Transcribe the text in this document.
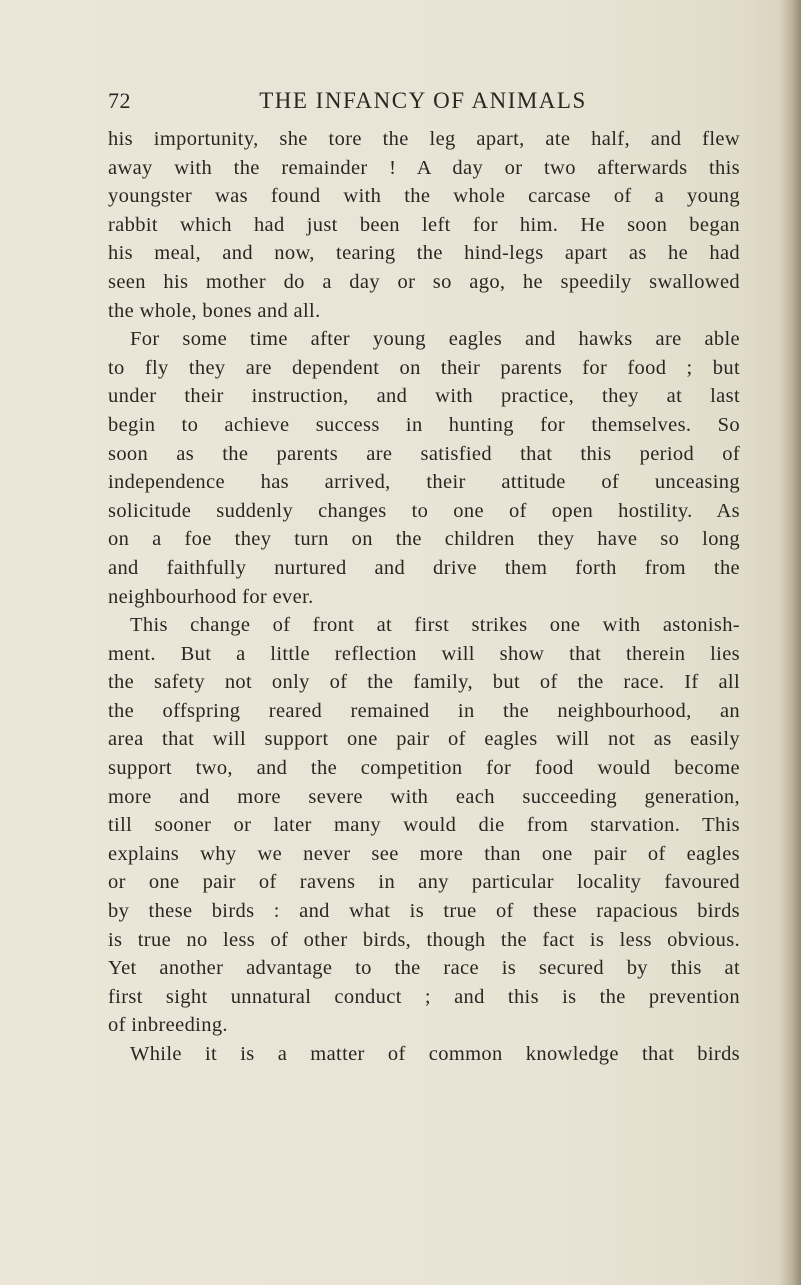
72	THE INFANCY OF ANIMALS
his importunity, she tore the leg apart, ate half, and flew
away with the remainder ! A day or two afterwards this
youngster was found with the whole carcase of a young
rabbit which had just been left for him. He soon began
his meal, and now, tearing the hind-legs apart as he had
seen his mother do a day or so ago, he speedily swallowed
the whole, bones and all.
For some time after young eagles and hawks are able
to fly they are dependent on their parents for food ; but
under their instruction, and with practice, they at last
begin to achieve success in hunting for themselves. So
soon as the parents are satisfied that this period of
independence has arrived, their attitude of unceasing
solicitude suddenly changes to one of open hostility. As
on a foe they turn on the children they have so long
and faithfully nurtured and drive them forth from the
neighbourhood for ever.
This change of front at first strikes one with astonish-
ment. But a little reflection will show that therein lies
the safety not only of the family, but of the race. If all
the offspring reared remained in the neighbourhood, an
area that will support one pair of eagles will not as easily
support two, and the competition for food would become
more and more severe with each succeeding generation,
till sooner or later many would die from starvation. This
explains why we never see more than one pair of eagles
or one pair of ravens in any particular locality favoured
by these birds : and what is true of these rapacious birds
is true no less of other birds, though the fact is less obvious.
Yet another advantage to the race is secured by this at
first sight unnatural conduct ; and this is the prevention
of inbreeding.
While it is a matter of common knowledge that birds
